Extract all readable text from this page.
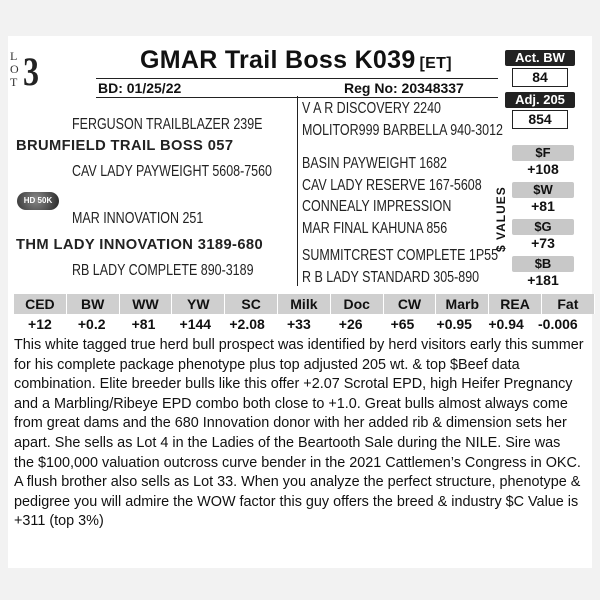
L
O
T 3	GMAR Trail Boss K039 [ET]
BD: 01/25/22	Reg No: 20348337
Act. BW
84
Adj. 205
854
FERGUSON TRAILBLAZER 239E
BRUMFIELD TRAIL BOSS 057
CAV LADY PAYWEIGHT 5608-7560
HD 50K
MAR INNOVATION 251
THM LADY INNOVATION 3189-680
RB LADY COMPLETE 890-3189
V A R DISCOVERY 2240
MOLITOR999 BARBELLA 940-3012
BASIN PAYWEIGHT 1682
CAV LADY RESERVE 167-5608
CONNEALY IMPRESSION
MAR FINAL KAHUNA 856
SUMMITCREST COMPLETE 1P55
R B LADY STANDARD 305-890
$ VALUES
$F
+108
$W
+81
$G
+73
$B
+181
CED	BW	WW	YW	SC	Milk	Doc	CW	Marb	REA	Fat
+12	+0.2	+81	+144	+2.08	+33	+26	+65	+0.95	+0.94	-0.006
This white tagged true herd bull prospect was identified by herd visitors early this summer for his complete package phenotype plus top adjusted 205 wt. & top $Beef data combination. Elite breeder bulls like this offer +2.07 Scrotal EPD, high Heifer Pregnancy and a Marbling/Ribeye EPD combo both close to +1.0. Great bulls almost always come from great dams and the 680 Innovation donor with her added rib & dimension sets her apart. She sells as Lot 4 in the Ladies of the Beartooth Sale during the NILE. Sire was the $100,000 valuation outcross curve bender in the 2021 Cattlemen’s Congress in OKC. A flush brother also sells as Lot 33. When you analyze the perfect structure, phenotype & pedigree you will admire the WOW factor this guy offers the breed & industry $C Value is +311 (top 3%)
